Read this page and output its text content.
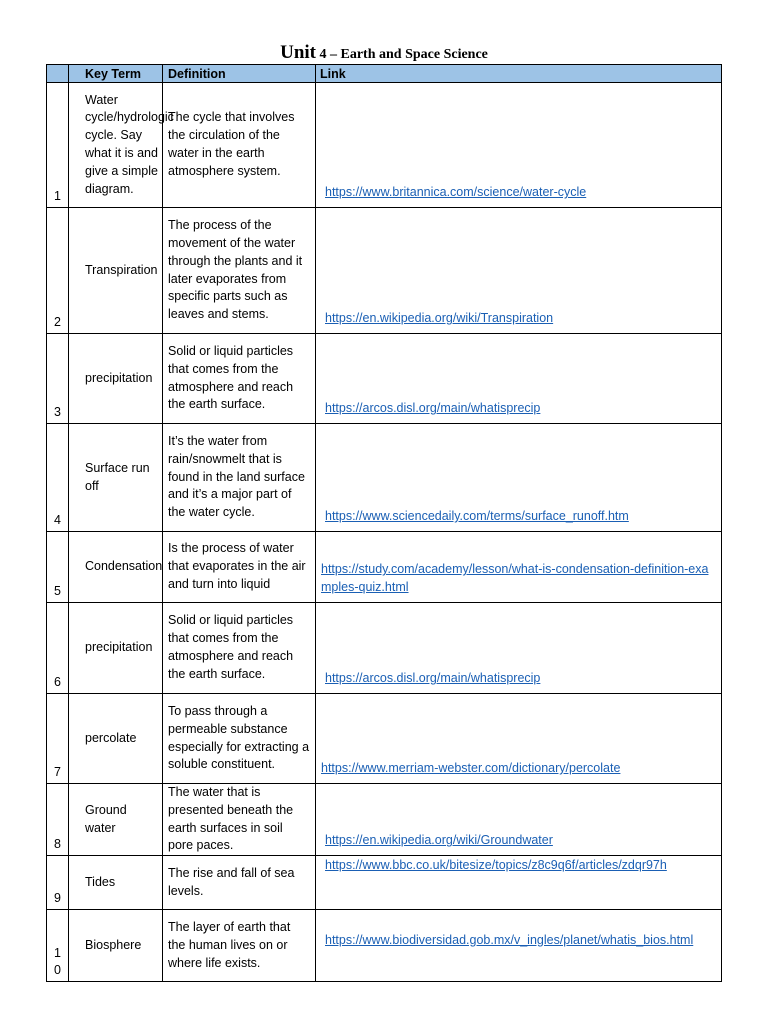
Unit 4 – Earth and Space Science
	Key Term	Definition	Link
1	Water cycle/hydrologic cycle. Say what it is and give a simple diagram.	The cycle that involves the circulation of the water in the earth atmosphere system.	https://www.britannica.com/science/water-cycle
2	Transpiration	The process of the movement of the water through the plants and it later evaporates from specific parts such as leaves and stems.	https://en.wikipedia.org/wiki/Transpiration
3	precipitation	Solid or liquid particles that comes from the atmosphere and reach the earth surface.	https://arcos.disl.org/main/whatisprecip
4	Surface run off	It’s the water from rain/snowmelt that is found in the land surface and it’s a major part of the water cycle.	https://www.sciencedaily.com/terms/surface_runoff.htm
5	Condensation	Is the process of water that evaporates in the air and turn into liquid	https://study.com/academy/lesson/what-is-condensation-definition-examples-quiz.html
6	precipitation	Solid or liquid particles that comes from the atmosphere and reach the earth surface.	https://arcos.disl.org/main/whatisprecip
7	percolate	To pass through a permeable substance especially for extracting a soluble constituent.	https://www.merriam-webster.com/dictionary/percolate
8	Ground water	The water that is presented beneath the earth surfaces in soil pore paces.	https://en.wikipedia.org/wiki/Groundwater
9	Tides	The rise and fall of sea levels.	https://www.bbc.co.uk/bitesize/topics/z8c9q6f/articles/zdqr97h

10	Biosphere	The layer of earth that the human lives on or where life exists.	https://www.biodiversidad.gob.mx/v_ingles/planet/whatis_bios.html
